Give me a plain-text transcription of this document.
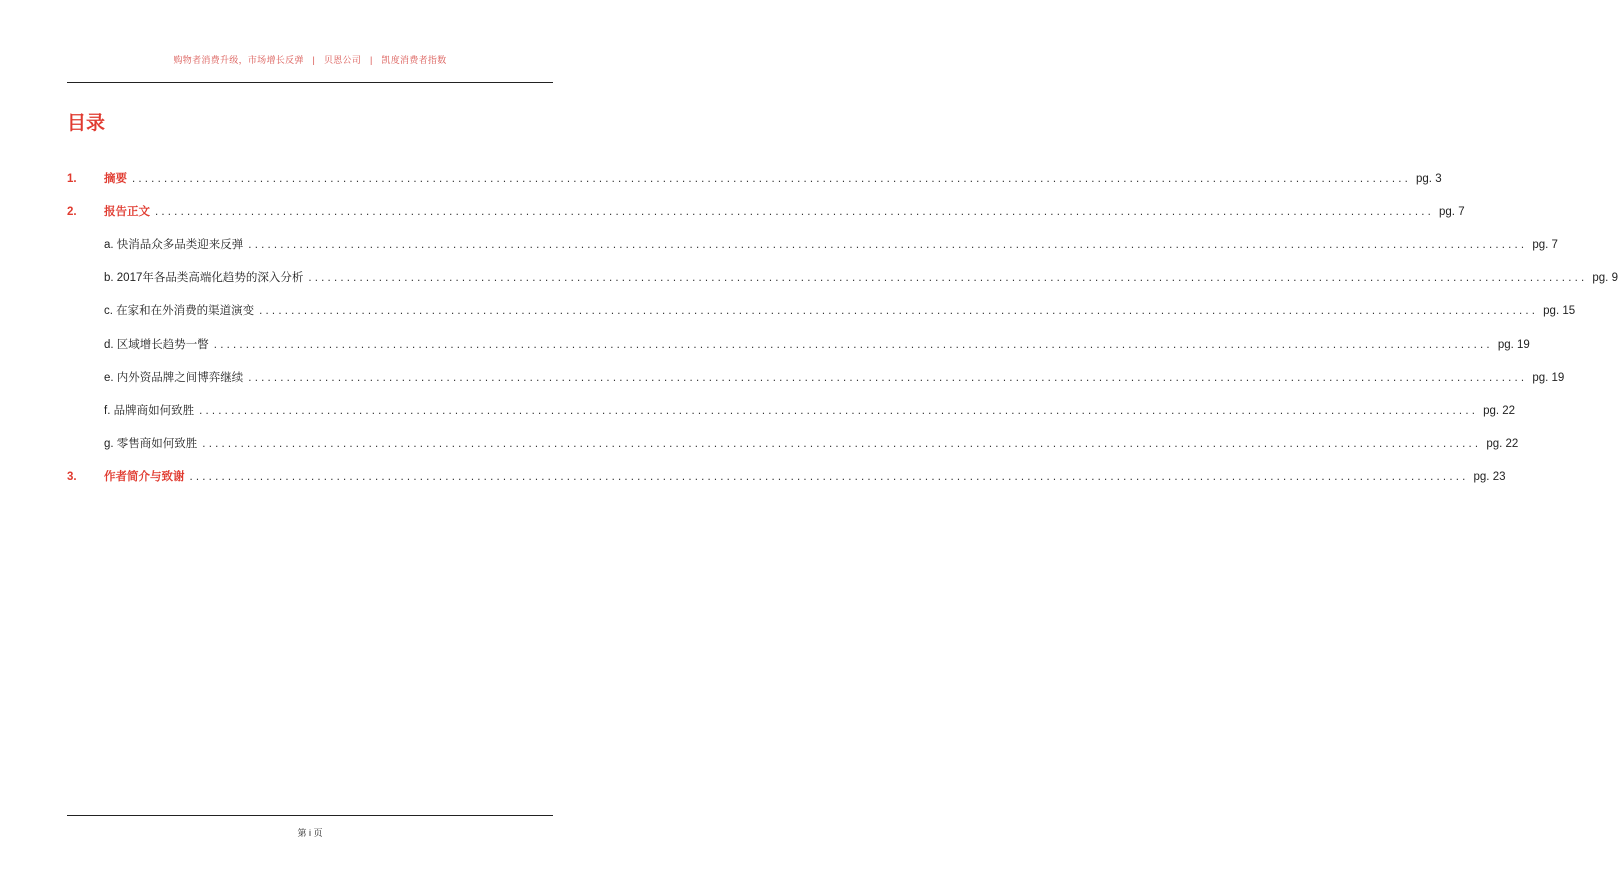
购物者消费升级，市场增长反弹 | 贝恩公司 | 凯度消费者指数
目录
1.	摘要 ........................................................................................................................................................................................................ pg. 3
2.	报告正文 ........................................................................................................................................................................................................ pg. 7
a. 快消品众多品类迎来反弹 ........................................................................................................................................................................................................ pg. 7
b. 2017年各品类高端化趋势的深入分析 ........................................................................................................................................................................................................ pg. 9
c. 在家和在外消费的渠道演变 ........................................................................................................................................................................................................ pg. 15
d. 区域增长趋势一瞥 ........................................................................................................................................................................................................ pg. 19
e. 内外资品牌之间博弈继续 ........................................................................................................................................................................................................ pg. 19
f. 品牌商如何致胜 ........................................................................................................................................................................................................ pg. 22
g. 零售商如何致胜 ........................................................................................................................................................................................................ pg. 22
3.	作者简介与致谢 ........................................................................................................................................................................................................ pg. 23
第 i 页
